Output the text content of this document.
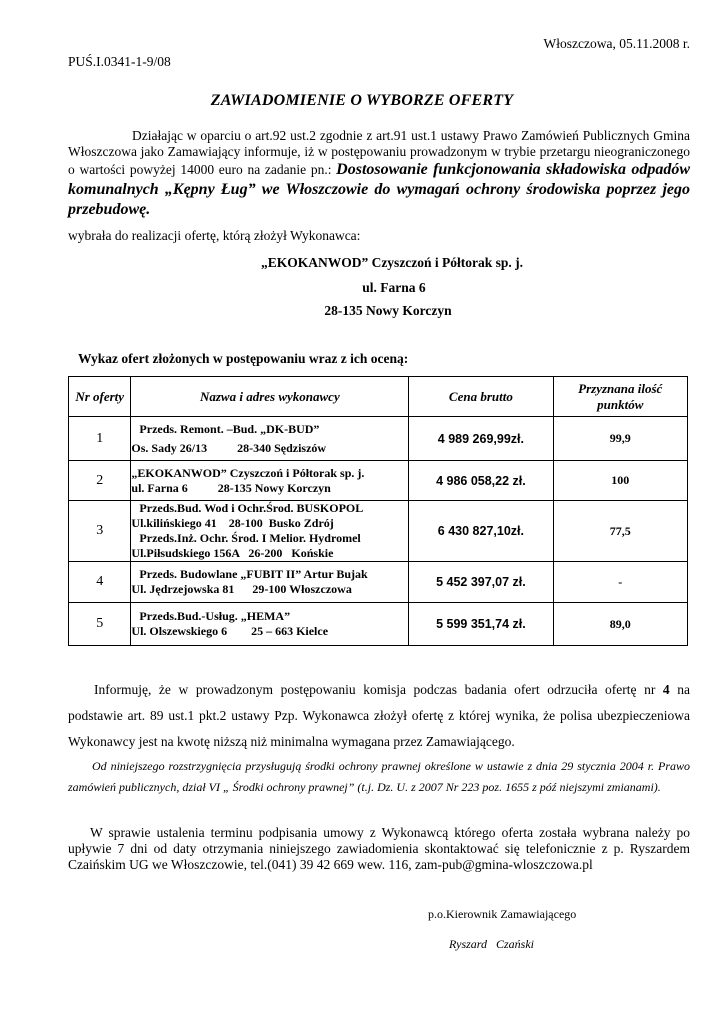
Włoszczowa, 05.11.2008 r.
PUŚ.I.0341-1-9/08
ZAWIADOMIENIE O WYBORZE OFERTY
Działając w oparciu o art.92 ust.2 zgodnie z art.91 ust.1 ustawy Prawo Zamówień Publicznych Gmina Włoszczowa jako Zamawiający informuje, iż w postępowaniu prowadzonym w trybie przetargu nieograniczonego o wartości powyżej 14000 euro na zadanie pn.: Dostosowanie funkcjonowania składowiska odpadów komunalnych „Kępny Ług” we Włoszczowie do wymagań ochrony środowiska poprzez jego przebudowę.
wybrała do realizacji ofertę, którą złożył Wykonawca:
„EKOKANWOD” Czyszczoń i Półtorak sp. j.
ul. Farna 6
28-135 Nowy Korczyn
Wykaz ofert złożonych w postępowaniu wraz z ich oceną:
Nr oferty	Nazwa i adres wykonawcy	Cena brutto	Przyznana ilość punktów
1	Przeds. Remont. –Bud. „DK-BUD”
Os. Sady 26/13          28-340 Sędziszów	4 989 269,99zł.	99,9
2	„EKOKANWOD” Czyszczoń i Półtorak sp. j.
ul. Farna 6          28-135 Nowy Korczyn	4 986 058,22 zł.	100
3	Przeds.Bud. Wod i Ochr.Środ. BUSKOPOL
Ul.kilińskiego 41    28-100  Busko Zdrój
Przeds.Inż. Ochr. Środ. I Melior. Hydromel
Ul.Piłsudskiego 156A   26-200   Końskie	6 430 827,10zł.	77,5
4	Przeds. Budowlane „FUBIT II” Artur Bujak
Ul. Jędrzejowska 81      29-100 Włoszczowa	5 452 397,07 zł.	-
5	Przeds.Bud.-Usług. „HEMA”
Ul. Olszewskiego 6        25 – 663 Kielce	5 599 351,74 zł.	89,0
Informuję, że w prowadzonym postępowaniu komisja podczas badania ofert odrzuciła ofertę nr 4 na podstawie art. 89 ust.1 pkt.2 ustawy Pzp. Wykonawca złożył ofertę z której wynika, że polisa ubezpieczeniowa Wykonawcy jest na kwotę niższą niż minimalna wymagana przez Zamawiającego.
Od niniejszego rozstrzygnięcia przysługują środki ochrony prawnej określone w ustawie z dnia 29 stycznia 2004 r. Prawo zamówień publicznych, dział VI „ Środki ochrony prawnej” (t.j. Dz. U. z 2007 Nr 223 poz. 1655 z póź niejszymi zmianami).
W sprawie ustalenia terminu podpisania umowy z Wykonawcą którego oferta została wybrana należy po upływie 7 dni od daty otrzymania niniejszego zawiadomienia skontaktować się telefonicznie z p. Ryszardem Czaińskim UG we Włoszczowie, tel.(041) 39 42 669 wew. 116, zam-pub@gmina-wloszczowa.pl
p.o.Kierownik Zamawiającego
Ryszard   Czański
